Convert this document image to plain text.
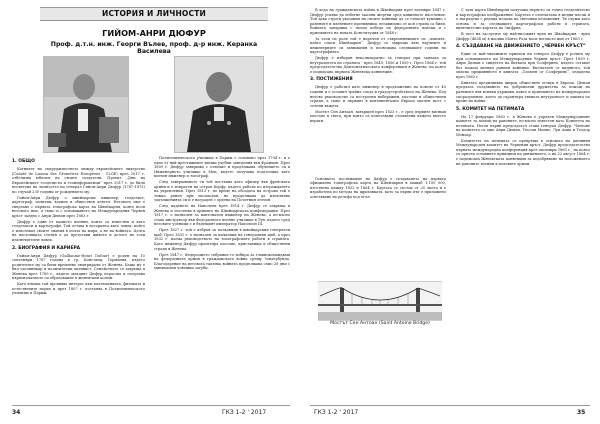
ИСТОРИЯ И ЛИЧНОСТИ
ГИЙОМ-АНРИ ДЮФУР
Проф. д.т.н. инж. Георги Вълев, проф. д-р инж. Керанка Василева
1. ОБЩО

Когнитет на съпруджиеството между европейските лидерства (Comité de Liaison des Géomètres Européens - CLGE) през 2017 г. отбелязва юбилея на своите създатели. Проект „Дни на Европейските геодезисти и геоинформатици“ през 2017 г. до била посветена на личността на генерал Гийом-Анри Дюфур (1787-1875) по случай 230 години от рождението му.

Гийом-Анри Дюфур е швейцарски инженер, геодезист, картограф, политик, военен и обществен деятел. Неговото име е свързано с първата топографска карта на Швейцария, която носи неговото име, а също и с основаването на Международния Червен кръст заедно с Анри Дюнан през 1863 г.

Дюфур е един от малкото военни, които са известни и като геодезисти и картографи. Той остава в историята като човек, който е използвал своите знания в полза на мира, а не на войната. Целта на настоящата статия е да представи живота и делото на този изключителен човек.

2. БИОГРАФИЯ И КАРИЕРА

Гийом-Анри Дюфур (Guillaume-Henri Dufour) е роден на 15 септември 1787 година в гр. Констанц, Германия, където родителите му са били временно емигрирали от Женева. Баща му е бил часовникар и политически активист. Семейството се завръща в Женева през 1789 г., където младият Дюфур израства и получава първоначалното си образование в женевския колеж.

Като юноша той проявява интерес към математиката, физиката и естествените науки и през 1807 г. постъпва в Политехническото училище в Париж.

Политехническото училище в Париж е основано през 1794 г. и е едно от най-престижните висши учебни заведения във Франция. През 1809 г. Дюфур завършва с отличие и продължава обучението си в Инженерното училище в Мец, където получава подготовка като военен инженер и топограф.

След завършването си той постъпва като офицер във френската армия и е изпратен на остров Корфу, където работи по изграждането на укрепления. През 1813 г. по време на обсадата на острова той е тежко ранен при експлозия, но продължава да изпълнява задълженията си и е награден с ордена на Почетния легион.

След падането на Наполеон през 1814 г. Дюфур се завръща в Женева и постъпва в армията на Швейцарската конфедерация. През 1817 г. е назначен за кантонален инженер на Женева, а по-късно става инструктор във Федералното военно училище в Тун, където сред неговите ученици е и бъдещият император Наполеон III.

През 1827 г. той е избран за полковник в швейцарския генерален щаб. През 1831 г. е назначен за началник на генералния щаб, а през 1832 г. поема ръководството на топографските работи в страната. Като инженер Дюфур проектира мостове, пристанища и обществени сгради в Женева.

През 1847 г. Федералното събрание го избира за главнокомандващ на федералната армия в гражданската война срещу Зондербунда. Благодарение на неговата тактика войната продължава само 26 дни с минимални човешки загуби.

34	ГКЗ 1-2 ' 2017

В хода на гражданската война в Швейцария през ноември 1847 г. Дюфур успява да избегне масови жертви сред цивилното население. Той дава строги указания на своите войници да се отнасят хуманно с ранените и пленените противници, независимо от коя страна са били. Войната завършва с пълна победа на федералните войски и с приемането на новата Конституция от 1848 г.

За тази си роля той е наречен от съвременниците си „човекът, който спаси Швейцария“. Дюфур се завръща към научните и инженерните си занимания и посвещава следващите години на картографията.

Дюфур е избиран неколкократно за генерал при заплаха за неутралитета на страната - през 1849, 1856 и 1859 г. През 1864 г. той председателства Дипломатическата конференция в Женева, на която е подписана първата Женевска конвенция.

3. ПОСТИЖЕНИЯ

Дюфур е работил като инженер в продължение на повече от 40 години и е оставил трайна следа в градоустройството на Женева. Под негово ръководство са построени набережни, мостове и обществени сгради, а също и първият в континентална Европа окачен мост с телени въжета.

Мостът Сен Антоан, завършен през 1823 г., е сред първите висящи мостове в света, при които са използвани стоманени въжета вместо вериги.

Основното постижение на Дюфур е създаването на първата официална топографска карта на Швейцария в мащаб 1:100 000, изготвена между 1832 и 1864 г. Картата се състои от 25 листа и е изработена по метода на щриховката, като за първи път е приложено осветяване на релефа под ъгъл.

Мостът Сен Антоан (Saint Antoine Bridge)

С тази карта Швейцария получава първото си точно геодезическо и картографско изображение. Картата е отпечатана в медни плочи и е наградена с редица медали на световни изложения. Тя служи като основа и за следващите картографски работи в страната, включително картата на Зигфрид.

В чест на заслугите му най-високият връх на Швейцария - връх Дюфур (4634 м) в масива Монте Роза носи неговото име от 1863 г.

4. СЪЗДАВАНЕ НА ДВИЖЕНИЕТО „ЧЕРВЕН КРЪСТ“

Един от най-значимите приноси на генерал Дюфур е ролята му при основаването на Международния Червен кръст. През 1859 г. Анри Дюнан е свидетел на битката при Солферино, където остават без помощ хиляди ранени войници. Впечатлен от видяното, той описва преживяното в книгата „Спомен от Солферино“, издадена през 1862 г.

Книгата предизвиква широк обществен отзвук в Европа. Дюнан предлага създаването на доброволни дружества за помощ на ранените във всички държави, както и приемането на международно споразумение, което да гарантира тяхната неутралност и защита по време на война.

5. КОМИТЕТ НА ПЕТИМАТА

На 17 февруари 1863 г. в Женева е учреден Международният комитет за помощ на ранените, по-късно известен като Комитета на петимата. Негов първи председател става генерал Дюфур. Членове на комитета са още Анри Дюнан, Гюстав Моние, Луи Апиа и Теодор Моноар.

Комитетът на петимата се превръща в основата на днешния Международен комитет на Червения кръст. Дюфур председателства първата международна конференция през октомври 1863 г., на която са приети основните принципи на движението, а на 22 август 1864 г. е подписана Женевската конвенция за подобряване на положението на ранените военни в полевите армии.

ГКЗ 1-2 ' 2017	35
